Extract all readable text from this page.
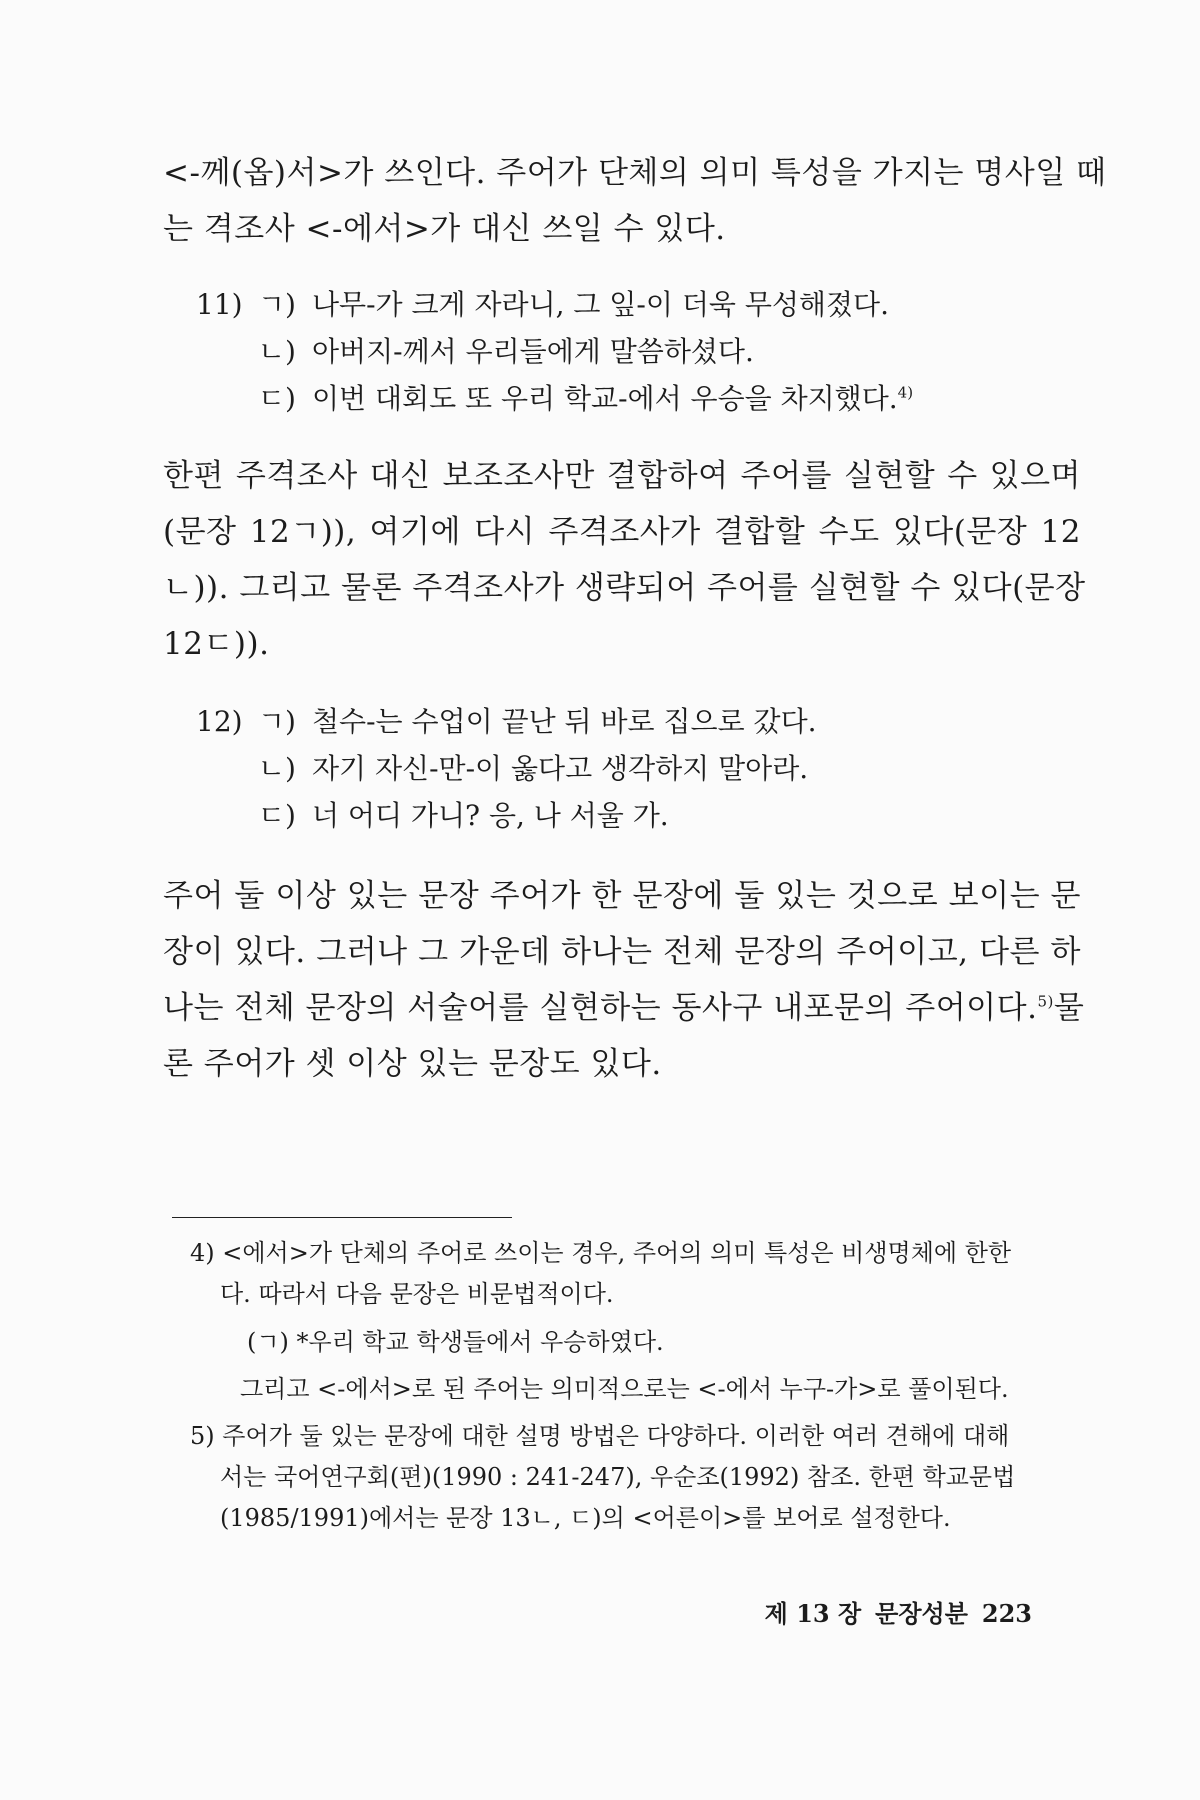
<-께(옵)서>가 쓰인다. 주어가 단체의 의미 특성을 가지는 명사일 때
는 격조사 <-에서>가 대신 쓰일 수 있다.
11) ㄱ) 나무-가 크게 자라니, 그 잎-이 더욱 무성해졌다.
ㄴ) 아버지-께서 우리들에게 말씀하셨다.
ㄷ) 이번 대회도 또 우리 학교-에서 우승을 차지했다.$^{4)}$
한편 주격조사 대신 보조조사만 결합하여 주어를 실현할 수 있으며
(문장 12ㄱ)), 여기에 다시 주격조사가 결합할 수도 있다(문장 12
ㄴ)). 그리고 물론 주격조사가 생략되어 주어를 실현할 수 있다(문장
12ㄷ)).
12) ㄱ) 철수-는 수업이 끝난 뒤 바로 집으로 갔다.
ㄴ) 자기 자신-만-이 옳다고 생각하지 말아라.
ㄷ) 너 어디 가니? 응, 나 서울 가.
주어 둘 이상 있는 문장 주어가 한 문장에 둘 있는 것으로 보이는 문
장이 있다. 그러나 그 가운데 하나는 전체 문장의 주어이고, 다른 하
나는 전체 문장의 서술어를 실현하는 동사구 내포문의 주어이다.$^{5)}$ 물
론 주어가 셋 이상 있는 문장도 있다.
4) <에서>가 단체의 주어로 쓰이는 경우, 주어의 의미 특성은 비생명체에 한한
다. 따라서 다음 문장은 비문법적이다.
(ㄱ) *우리 학교 학생들에서 우승하였다.
그리고 <-에서>로 된 주어는 의미적으로는 <-에서 누구-가>로 풀이된다.
5) 주어가 둘 있는 문장에 대한 설명 방법은 다양하다. 이러한 여러 견해에 대해
서는 국어연구회(편)(1990 : 241-247), 우순조(1992) 참조. 한편 학교문법
(1985/1991)에서는 문장 13ㄴ, ㄷ)의 <어른이>를 보어로 설정한다.
제 13 장 문장성분 223
